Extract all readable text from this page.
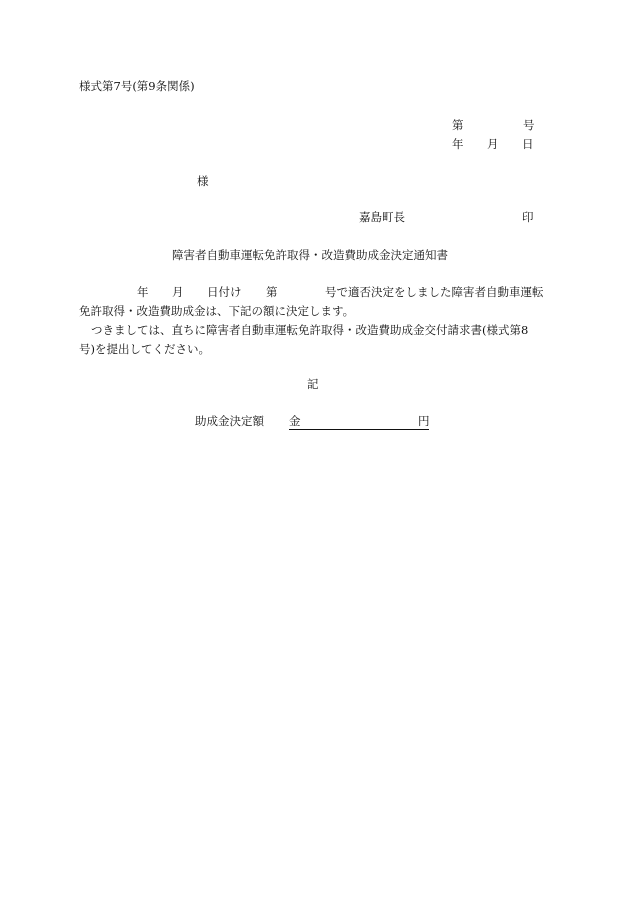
様式第7号(第9条関係)
第	号
年 月 日
様
嘉島町長	印
障害者自動車運転免許取得・改造費助成金決定通知書
年 月 日付け 第	号で適否決定をしました障害者自動車運転
免許取得・改造費助成金は、下記の額に決定します。
つきましては、直ちに障害者自動車運転免許取得・改造費助成金交付請求書(様式第8
号)を提出してください。
記
助成金決定額 金	円
